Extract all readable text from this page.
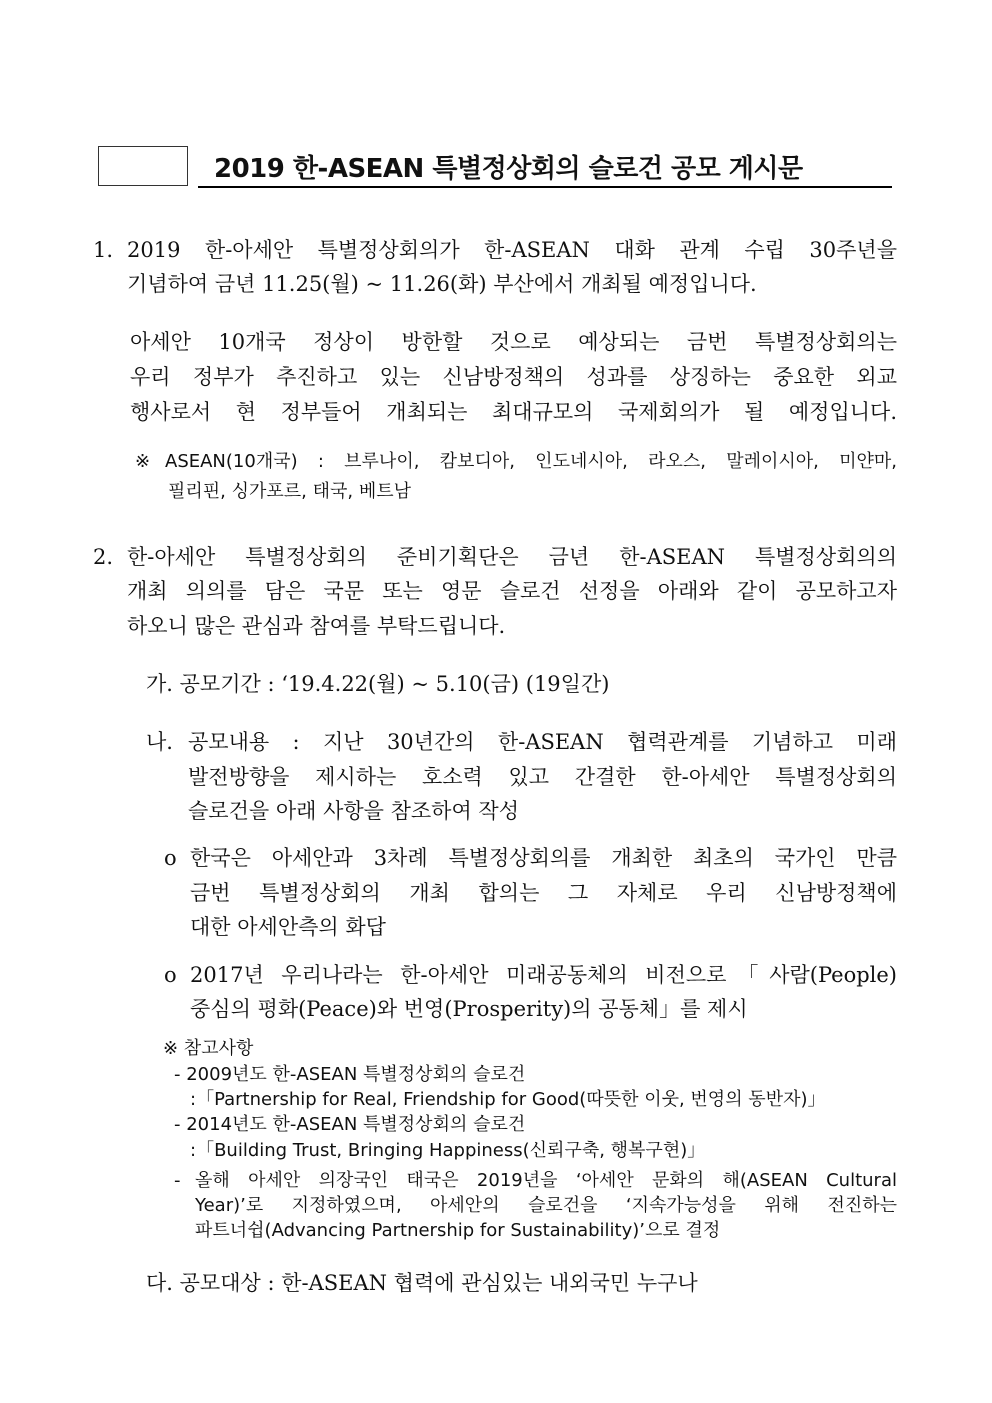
2019 한-ASEAN 특별정상회의 슬로건 공모 게시문
1. 2019 한-아세안 특별정상회의가 한-ASEAN 대화 관계 수립 30주년을
기념하여 금년 11.25(월) ~ 11.26(화) 부산에서 개최될 예정입니다.
아세안 10개국 정상이 방한할 것으로 예상되는 금번 특별정상회의는
우리 정부가 추진하고 있는 신남방정책의 성과를 상징하는 중요한 외교
행사로서 현 정부들어 개최되는 최대규모의 국제회의가 될 예정입니다.
※ ASEAN(10개국) : 브루나이, 캄보디아, 인도네시아, 라오스, 말레이시아, 미얀마,
필리핀, 싱가포르, 태국, 베트남
2. 한-아세안 특별정상회의 준비기획단은 금년 한-ASEAN 특별정상회의의
개최 의의를 담은 국문 또는 영문 슬로건 선정을 아래와 같이 공모하고자
하오니 많은 관심과 참여를 부탁드립니다.
가. 공모기간 : ‘19.4.22(월) ~ 5.10(금) (19일간)
나. 공모내용 : 지난 30년간의 한-ASEAN 협력관계를 기념하고 미래
발전방향을 제시하는 호소력 있고 간결한 한-아세안 특별정상회의
슬로건을 아래 사항을 참조하여 작성
o 한국은 아세안과 3차례 특별정상회의를 개최한 최초의 국가인 만큼
금번 특별정상회의 개최 합의는 그 자체로 우리 신남방정책에
대한 아세안측의 화답
o 2017년 우리나라는 한-아세안 미래공동체의 비전으로「사람(People)
중심의 평화(Peace)와 번영(Prosperity)의 공동체」를 제시
※ 참고사항
- 2009년도 한-ASEAN 특별정상회의 슬로건
:「Partnership for Real, Friendship for Good(따뜻한 이웃, 번영의 동반자)」
- 2014년도 한-ASEAN 특별정상회의 슬로건
:「Building Trust, Bringing Happiness(신뢰구축, 행복구현)」
- 올해 아세안 의장국인 태국은 2019년을 ‘아세안 문화의 해(ASEAN Cultural
Year)’로 지정하였으며, 아세안의 슬로건을 ‘지속가능성을 위해 전진하는
파트너쉽(Advancing Partnership for Sustainability)’으로 결정
다. 공모대상 : 한-ASEAN 협력에 관심있는 내외국민 누구나
